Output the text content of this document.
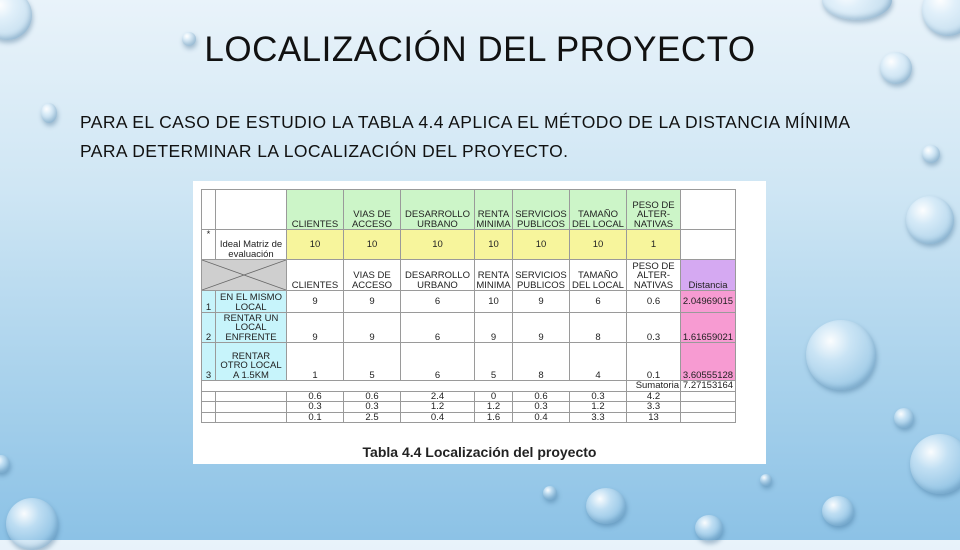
LOCALIZACIÓN DEL PROYECTO
PARA EL CASO DE ESTUDIO LA TABLA 4.4 APLICA EL MÉTODO DE LA DISTANCIA MÍNIMA PARA DETERMINAR LA LOCALIZACIÓN DEL PROYECTO.
		CLIENTES	VIAS DE ACCESO	DESARROLLO URBANO	RENTA MINIMA	SERVICIOS PUBLICOS	TAMAÑO DEL LOCAL	PESO DE ALTER-NATIVAS	
*	Ideal Matriz de evaluación	10	10	10	10	10	10	1	

	CLIENTES	VIAS DE ACCESO	DESARROLLO URBANO	RENTA MINIMA	SERVICIOS PUBLICOS	TAMAÑO DEL LOCAL	PESO DE ALTER-NATIVAS	Distancia
1	EN EL MISMO LOCAL	9	9	6	10	9	6	0.6	2.04969015
2	RENTAR UN LOCAL ENFRENTE	9	9	6	9	9	8	0.3	1.61659021
3	RENTAR OTRO LOCAL A 1.5KM	1	5	6	5	8	4	0.1	3.60555128
								Sumatoria	7.27153164
		0.6	0.6	2.4	0	0.6	0.3	4.2	
		0.3	0.3	1.2	1.2	0.3	1.2	3.3	
		0.1	2.5	0.4	1.6	0.4	3.3	13	
Tabla 4.4 Localización del proyecto
